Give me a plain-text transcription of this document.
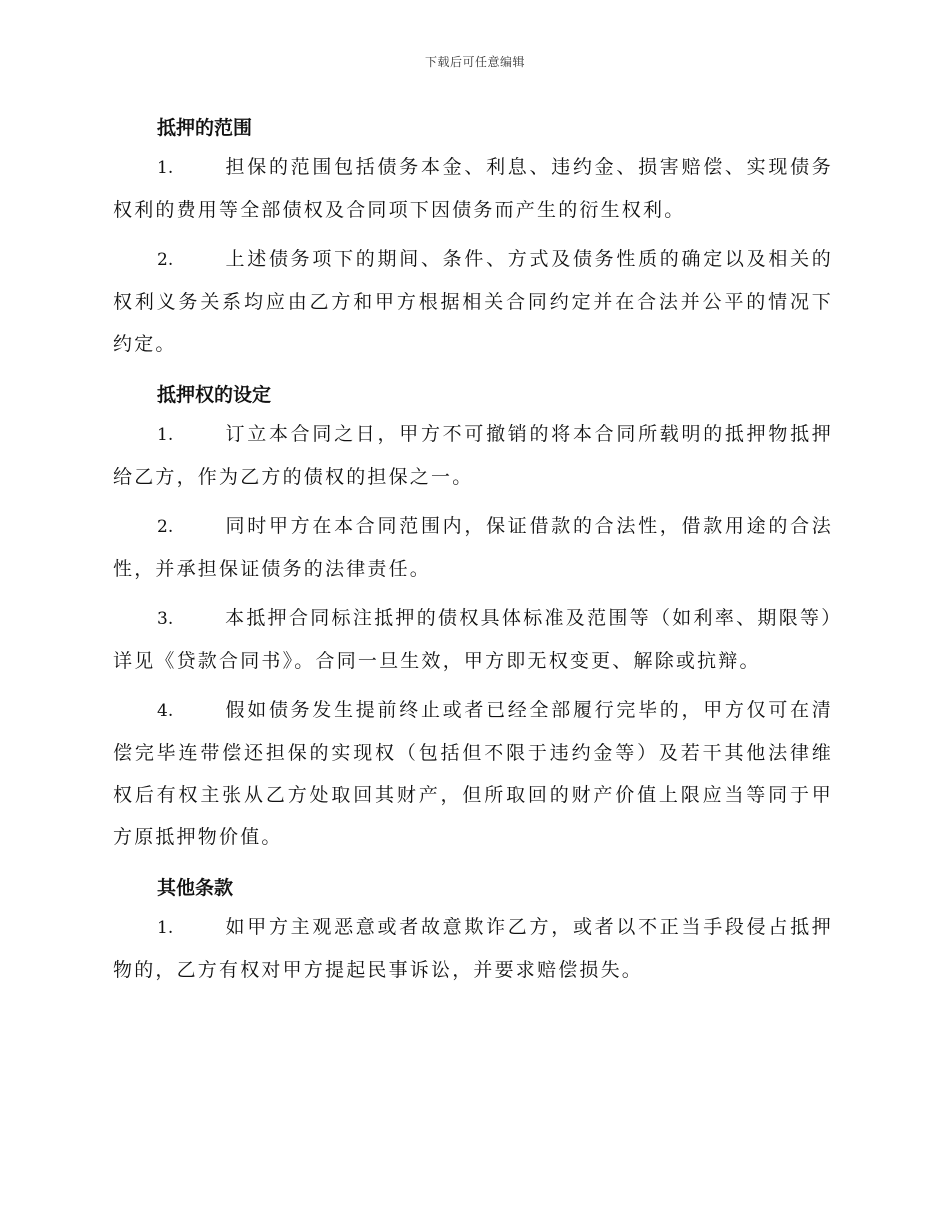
下载后可任意编辑
抵押的范围

1.	担保的范围包括债务本金、利息、违约金、损害赔偿、实现债务权利的费用等全部债权及合同项下因债务而产生的衍生权利。

2.	上述债务项下的期间、条件、方式及债务性质的确定以及相关的权利义务关系均应由乙方和甲方根据相关合同约定并在合法并公平的情况下约定。

抵押权的设定

1.	订立本合同之日，甲方不可撤销的将本合同所载明的抵押物抵押给乙方，作为乙方的债权的担保之一。

2.	同时甲方在本合同范围内，保证借款的合法性，借款用途的合法性，并承担保证债务的法律责任。

3.	本抵押合同标注抵押的债权具体标准及范围等（如利率、期限等）详见《贷款合同书》。合同一旦生效，甲方即无权变更、解除或抗辩。

4.	假如债务发生提前终止或者已经全部履行完毕的，甲方仅可在清偿完毕连带偿还担保的实现权（包括但不限于违约金等）及若干其他法律维权后有权主张从乙方处取回其财产，但所取回的财产价值上限应当等同于甲方原抵押物价值。

其他条款

1.	如甲方主观恶意或者故意欺诈乙方，或者以不正当手段侵占抵押物的，乙方有权对甲方提起民事诉讼，并要求赔偿损失。
